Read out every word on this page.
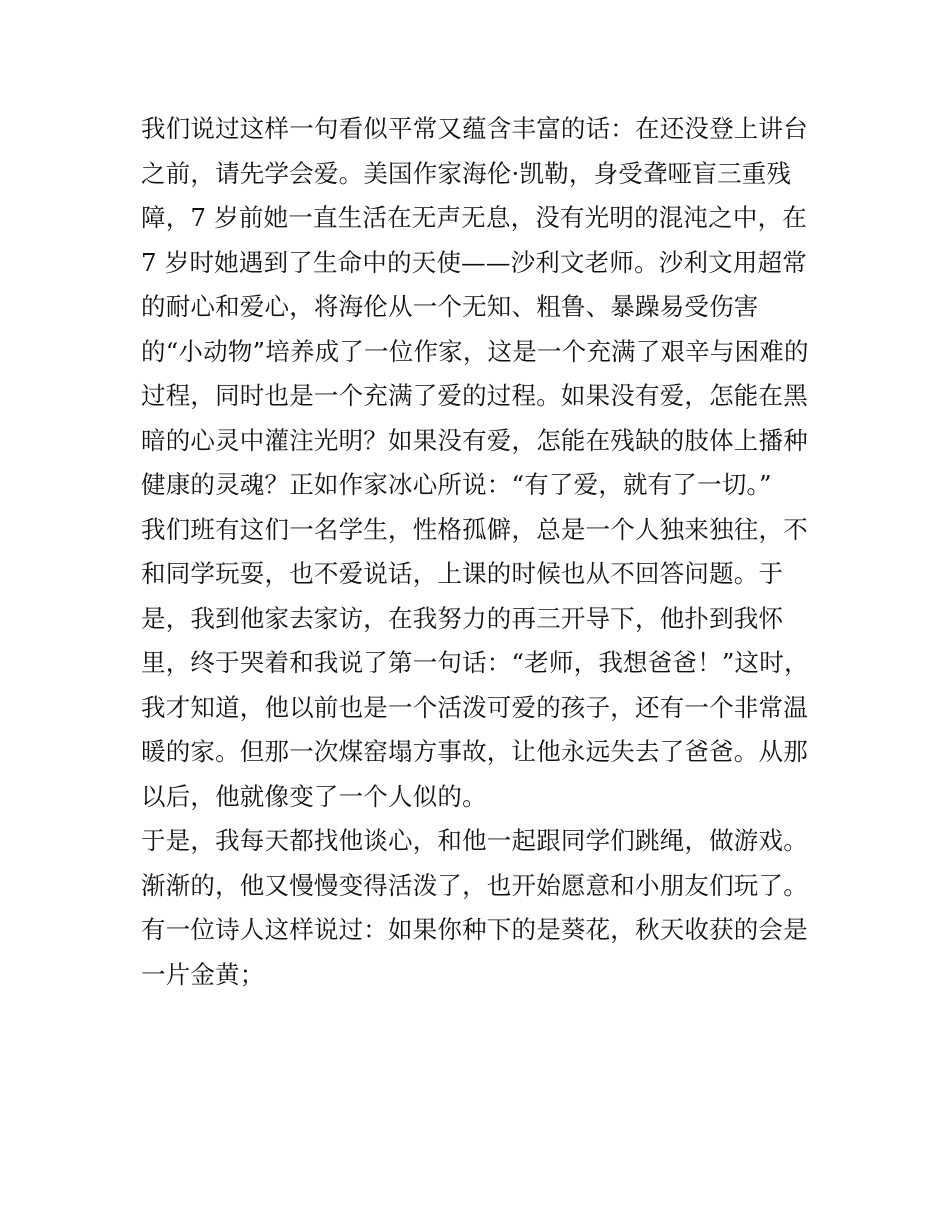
我们说过这样一句看似平常又蕴含丰富的话：在还没登上讲台
之前，请先学会爱。美国作家海伦·凯勒，身受聋哑盲三重残
障，7 岁前她一直生活在无声无息，没有光明的混沌之中，在
7 岁时她遇到了生命中的天使——沙利文老师。沙利文用超常
的耐心和爱心，将海伦从一个无知、粗鲁、暴躁易受伤害
的“小动物”培养成了一位作家，这是一个充满了艰辛与困难的
过程，同时也是一个充满了爱的过程。如果没有爱，怎能在黑
暗的心灵中灌注光明？如果没有爱，怎能在残缺的肢体上播种
健康的灵魂？正如作家冰心所说：“有了爱，就有了一切。”
我们班有这们一名学生，性格孤僻，总是一个人独来独往，不
和同学玩耍，也不爱说话，上课的时候也从不回答问题。于
是，我到他家去家访，在我努力的再三开导下，他扑到我怀
里，终于哭着和我说了第一句话：“老师，我想爸爸！”这时，
我才知道，他以前也是一个活泼可爱的孩子，还有一个非常温
暖的家。但那一次煤窑塌方事故，让他永远失去了爸爸。从那
以后，他就像变了一个人似的。
于是，我每天都找他谈心，和他一起跟同学们跳绳，做游戏。
渐渐的，他又慢慢变得活泼了，也开始愿意和小朋友们玩了。
有一位诗人这样说过：如果你种下的是葵花，秋天收获的会是
一片金黄；
